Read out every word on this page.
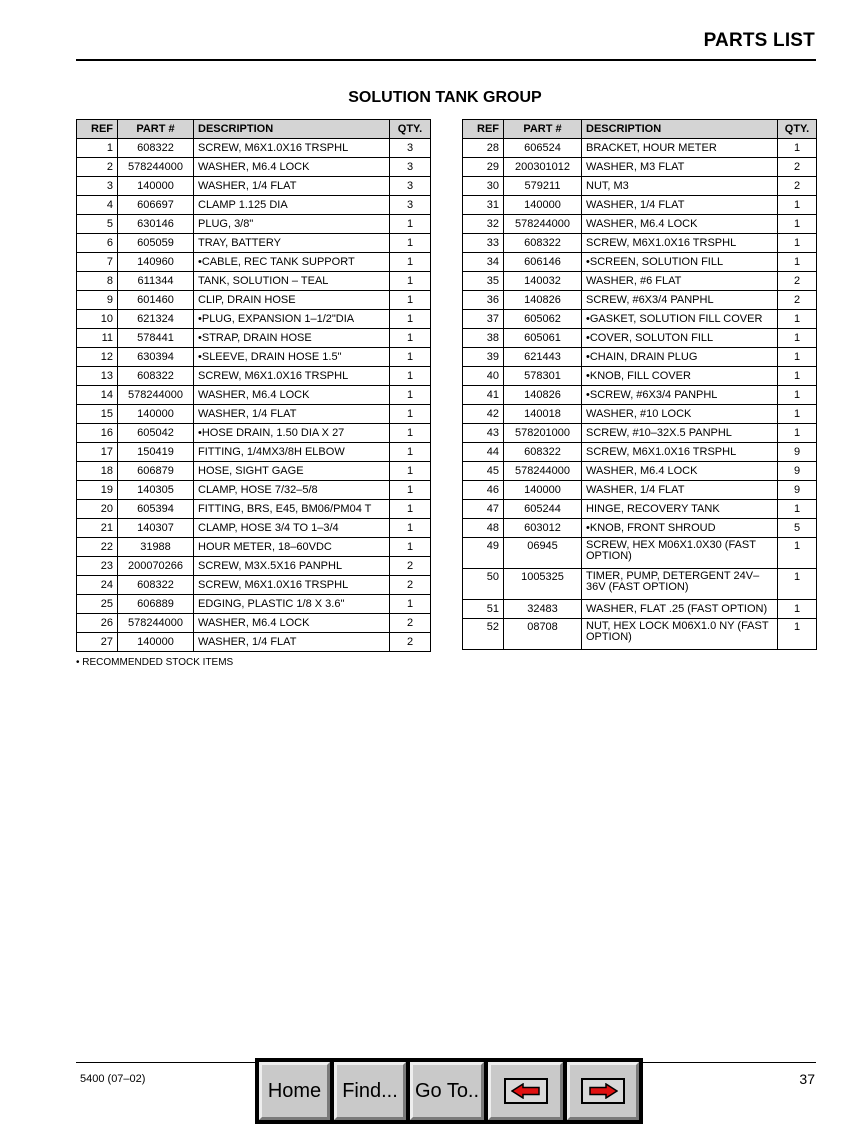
PARTS LIST
SOLUTION TANK GROUP
REF	PART #	DESCRIPTION	QTY.
1	608322	SCREW, M6X1.0X16 TRSPHL	3
2	578244000	WASHER, M6.4 LOCK	3
3	140000	WASHER, 1/4 FLAT	3
4	606697	CLAMP 1.125 DIA	3
5	630146	PLUG, 3/8"	1
6	605059	TRAY, BATTERY	1
7	140960	•CABLE, REC TANK SUPPORT	1
8	611344	TANK, SOLUTION – TEAL	1
9	601460	CLIP, DRAIN HOSE	1
10	621324	•PLUG, EXPANSION 1–1/2"DIA	1
11	578441	•STRAP, DRAIN HOSE	1
12	630394	•SLEEVE, DRAIN HOSE 1.5"	1
13	608322	SCREW, M6X1.0X16 TRSPHL	1
14	578244000	WASHER, M6.4 LOCK	1
15	140000	WASHER, 1/4 FLAT	1
16	605042	•HOSE DRAIN, 1.50 DIA X 27	1
17	150419	FITTING, 1/4MX3/8H ELBOW	1
18	606879	HOSE, SIGHT GAGE	1
19	140305	CLAMP, HOSE 7/32–5/8	1
20	605394	FITTING, BRS, E45, BM06/PM04 T	1
21	140307	CLAMP, HOSE 3/4 TO 1–3/4	1
22	31988	HOUR METER, 18–60VDC	1
23	200070266	SCREW, M3X.5X16 PANPHL	2
24	608322	SCREW, M6X1.0X16 TRSPHL	2
25	606889	EDGING, PLASTIC 1/8 X 3.6"	1
26	578244000	WASHER, M6.4 LOCK	2
27	140000	WASHER, 1/4 FLAT	2
REF	PART #	DESCRIPTION	QTY.
28	606524	BRACKET, HOUR METER	1
29	200301012	WASHER, M3 FLAT	2
30	579211	NUT, M3	2
31	140000	WASHER, 1/4 FLAT	1
32	578244000	WASHER, M6.4 LOCK	1
33	608322	SCREW, M6X1.0X16 TRSPHL	1
34	606146	•SCREEN, SOLUTION FILL	1
35	140032	WASHER, #6 FLAT	2
36	140826	SCREW, #6X3/4 PANPHL	2
37	605062	•GASKET, SOLUTION FILL COVER	1
38	605061	•COVER, SOLUTON FILL	1
39	621443	•CHAIN, DRAIN PLUG	1
40	578301	•KNOB, FILL COVER	1
41	140826	•SCREW, #6X3/4 PANPHL	1
42	140018	WASHER, #10 LOCK	1
43	578201000	SCREW, #10–32X.5 PANPHL	1
44	608322	SCREW, M6X1.0X16 TRSPHL	9
45	578244000	WASHER, M6.4 LOCK	9
46	140000	WASHER, 1/4 FLAT	9
47	605244	HINGE, RECOVERY TANK	1
48	603012	•KNOB, FRONT SHROUD	5
49	06945	SCREW, HEX M06X1.0X30 (FAST OPTION)	1
50	1005325	TIMER, PUMP, DETERGENT 24V–36V (FAST OPTION)	1
51	32483	WASHER, FLAT .25 (FAST OPTION)	1
52	08708	NUT, HEX LOCK M06X1.0 NY (FAST OPTION)	1
• RECOMMENDED STOCK ITEMS
5400 (07–02)	37
Home	Find... Go To..
